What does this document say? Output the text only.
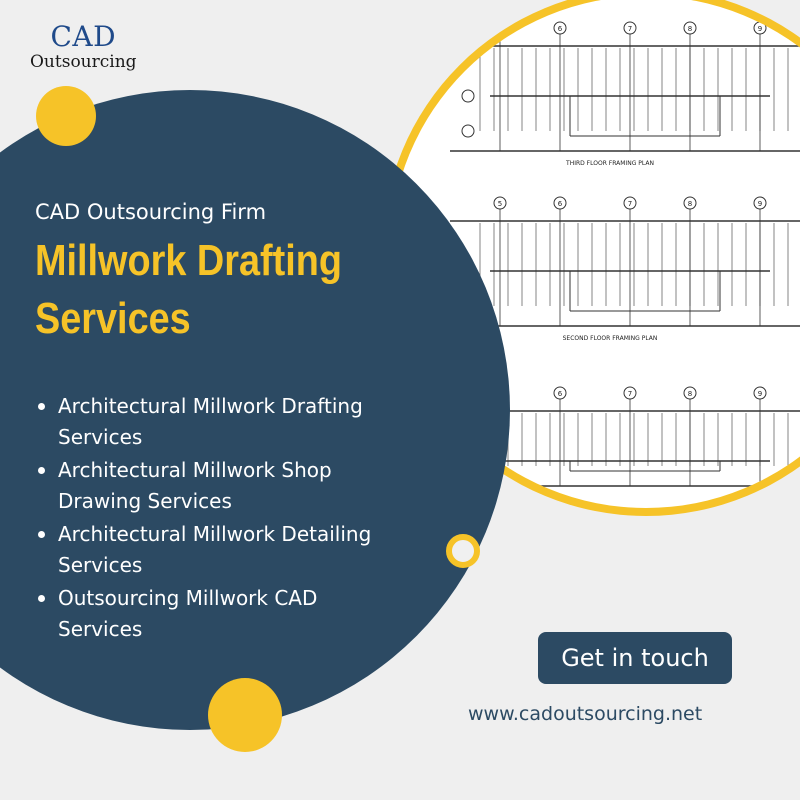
5	6	7	8	9
THIRD FLOOR FRAMING PLAN
5	6	7	8	9
SECOND FLOOR FRAMING PLAN
6	7	8	9
CAD
Outsourcing
CAD Outsourcing Firm
Millwork Drafting
Services
Architectural Millwork Drafting Services
Architectural Millwork Shop Drawing Services
Architectural Millwork Detailing Services
Outsourcing Millwork CAD Services
Get in touch
www.cadoutsourcing.net
